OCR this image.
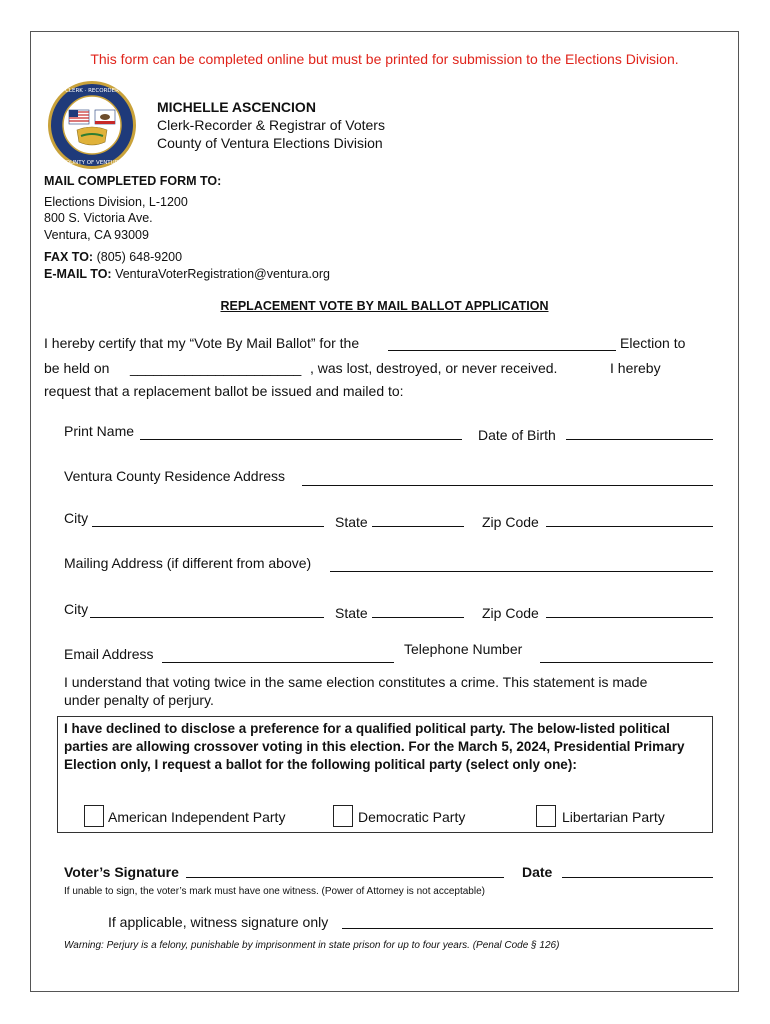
This form can be completed online but must be printed for submission to the Elections Division.
CLERK · RECORDER
COUNTY OF VENTURA
MICHELLE ASCENCION
Clerk-Recorder & Registrar of Voters
County of Ventura Elections Division
MAIL COMPLETED FORM TO:
Elections Division, L-1200
800 S. Victoria Ave.
Ventura, CA 93009
FAX TO: (805) 648-9200
E-MAIL TO: VenturaVoterRegistration@ventura.org
REPLACEMENT VOTE BY MAIL BALLOT APPLICATION
I hereby certify that my “Vote By Mail Ballot” for the	Election to
be held on ______________________ , was lost, destroyed, or never received.	I hereby
request that a replacement ballot be issued and mailed to:
Print Name	Date of Birth
Ventura County Residence Address
City	State	Zip Code
Mailing Address (if different from above)
City	State	Zip Code
Email Address	Telephone Number
I understand that voting twice in the same election constitutes a crime. This statement is made
under penalty of perjury.
I have declined to disclose a preference for a qualified political party. The below-listed political parties are allowing crossover voting in this election. For the March 5, 2024, Presidential Primary Election only, I request a ballot for the following political party (select only one):
American Independent Party	Democratic Party	Libertarian Party
Voter’s Signature	Date
If unable to sign, the voter’s mark must have one witness. (Power of Attorney is not acceptable)
If applicable, witness signature only
Warning: Perjury is a felony, punishable by imprisonment in state prison for up to four years. (Penal Code § 126)
